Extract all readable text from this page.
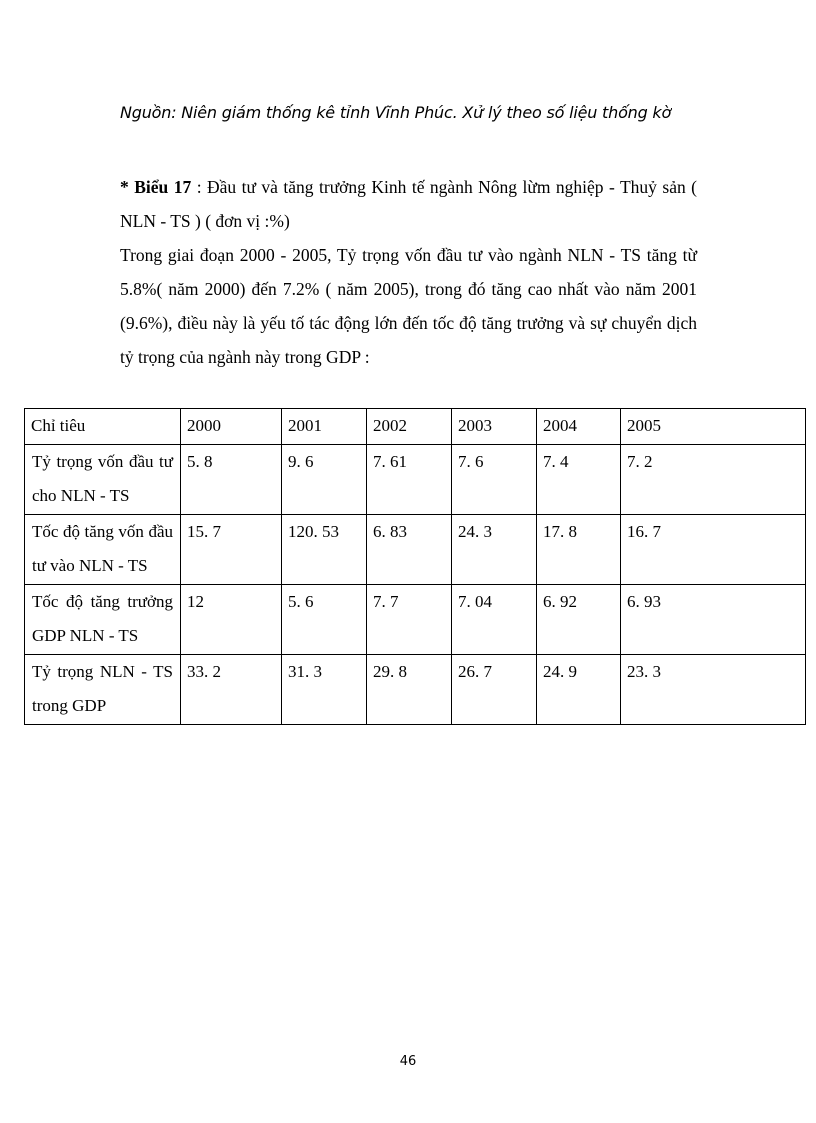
Nguồn: Niên giám thống kê tỉnh Vĩnh Phúc. Xử lý theo số liệu thống kờ

* Biểu 17 : Đầu tư và tăng trưởng Kinh tế ngành Nông lừm nghiệp - Thuỷ sản ( NLN - TS ) ( đơn vị :%)

Trong giai đoạn 2000 - 2005, Tỷ trọng vốn đầu tư vào ngành NLN - TS tăng từ 5.8%( năm 2000) đến 7.2% ( năm 2005), trong đó tăng cao nhất vào năm 2001 (9.6%), điều này là yếu tố tác động lớn đến tốc độ tăng trưởng và sự chuyển dịch tỷ trọng của ngành này trong GDP :

Chỉ tiêu	2000	2001	2002	2003	2004	2005
Tỷ trọng vốn đầu tư cho NLN - TS	5. 8	9. 6	7. 61	7. 6	7. 4	7. 2
Tốc độ tăng vốn đầu tư vào NLN - TS	15. 7	120. 53	6. 83	24. 3	17. 8	16. 7
Tốc độ tăng trưởng GDP NLN - TS	12	5. 6	7. 7	7. 04	6. 92	6. 93
Tỷ trọng NLN - TS trong GDP	33. 2	31. 3	29. 8	26. 7	24. 9	23. 3
46
